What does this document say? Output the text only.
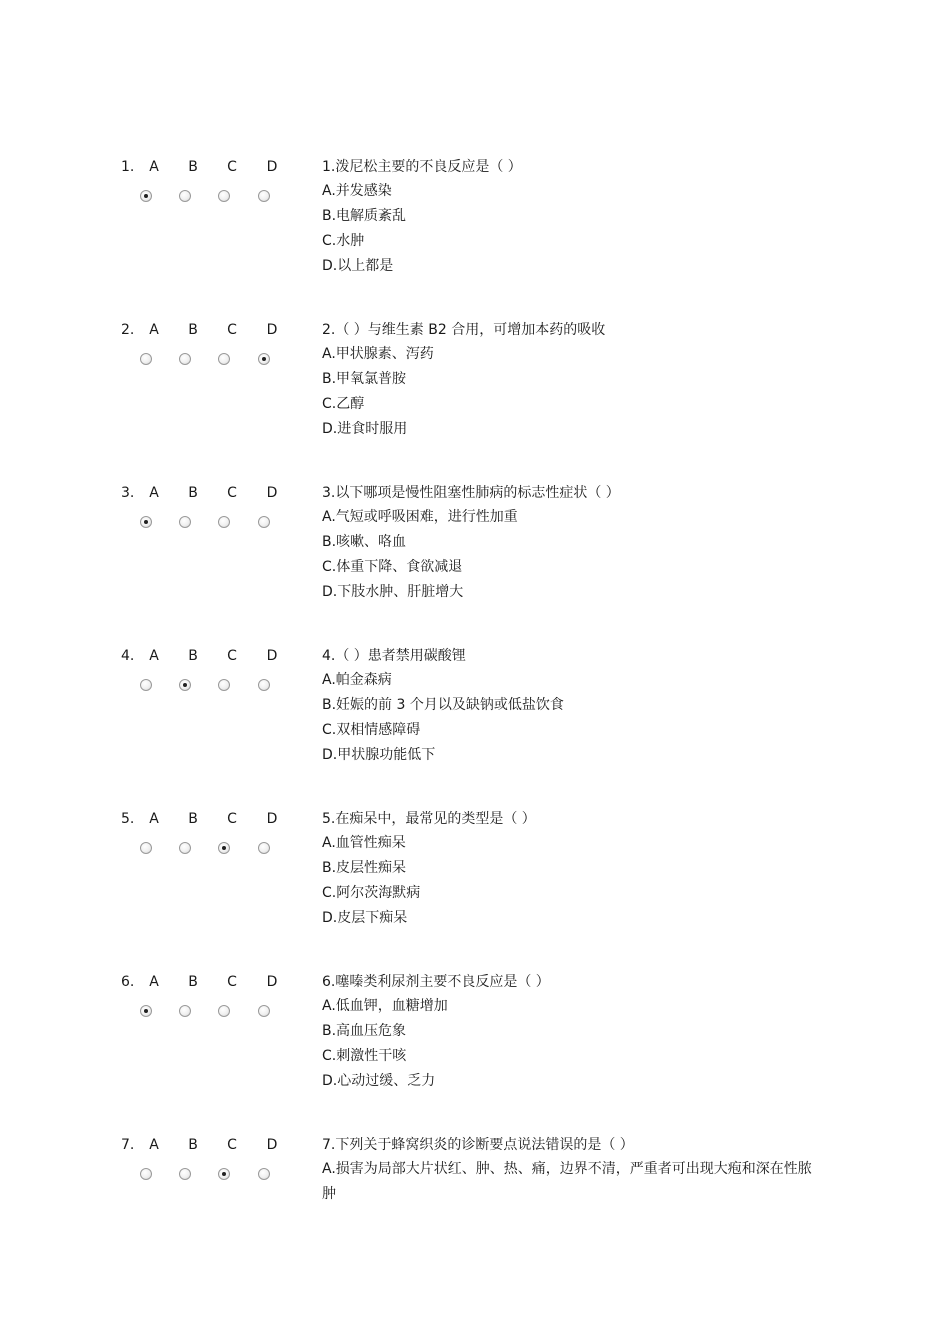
1.	A	B	C	D	1.泼尼松主要的不良反应是（ ）
A.并发感染
B.电解质紊乱
C.水肿
D.以上都是
2.	A	B	C	D	2.（ ）与维生素 B2 合用，可增加本药的吸收
A.甲状腺素、泻药
B.甲氧氯普胺
C.乙醇
D.进食时服用
3.	A	B	C	D	3.以下哪项是慢性阻塞性肺病的标志性症状（ ）
A.气短或呼吸困难，进行性加重
B.咳嗽、咯血
C.体重下降、食欲减退
D.下肢水肿、肝脏增大
4.	A	B	C	D	4.（ ）患者禁用碳酸锂
A.帕金森病
B.妊娠的前 3 个月以及缺钠或低盐饮食
C.双相情感障碍
D.甲状腺功能低下
5.	A	B	C	D	5.在痴呆中，最常见的类型是（ ）
A.血管性痴呆
B.皮层性痴呆
C.阿尔茨海默病
D.皮层下痴呆
6.	A	B	C	D	6.噻嗪类利尿剂主要不良反应是（ ）
A.低血钾，血糖增加
B.高血压危象
C.刺激性干咳
D.心动过缓、乏力
7.	A	B	C	D	7.下列关于蜂窝织炎的诊断要点说法错误的是（ ）
A.损害为局部大片状红、肿、热、痛，边界不清，严重者可出现大疱和深在性脓
肿
